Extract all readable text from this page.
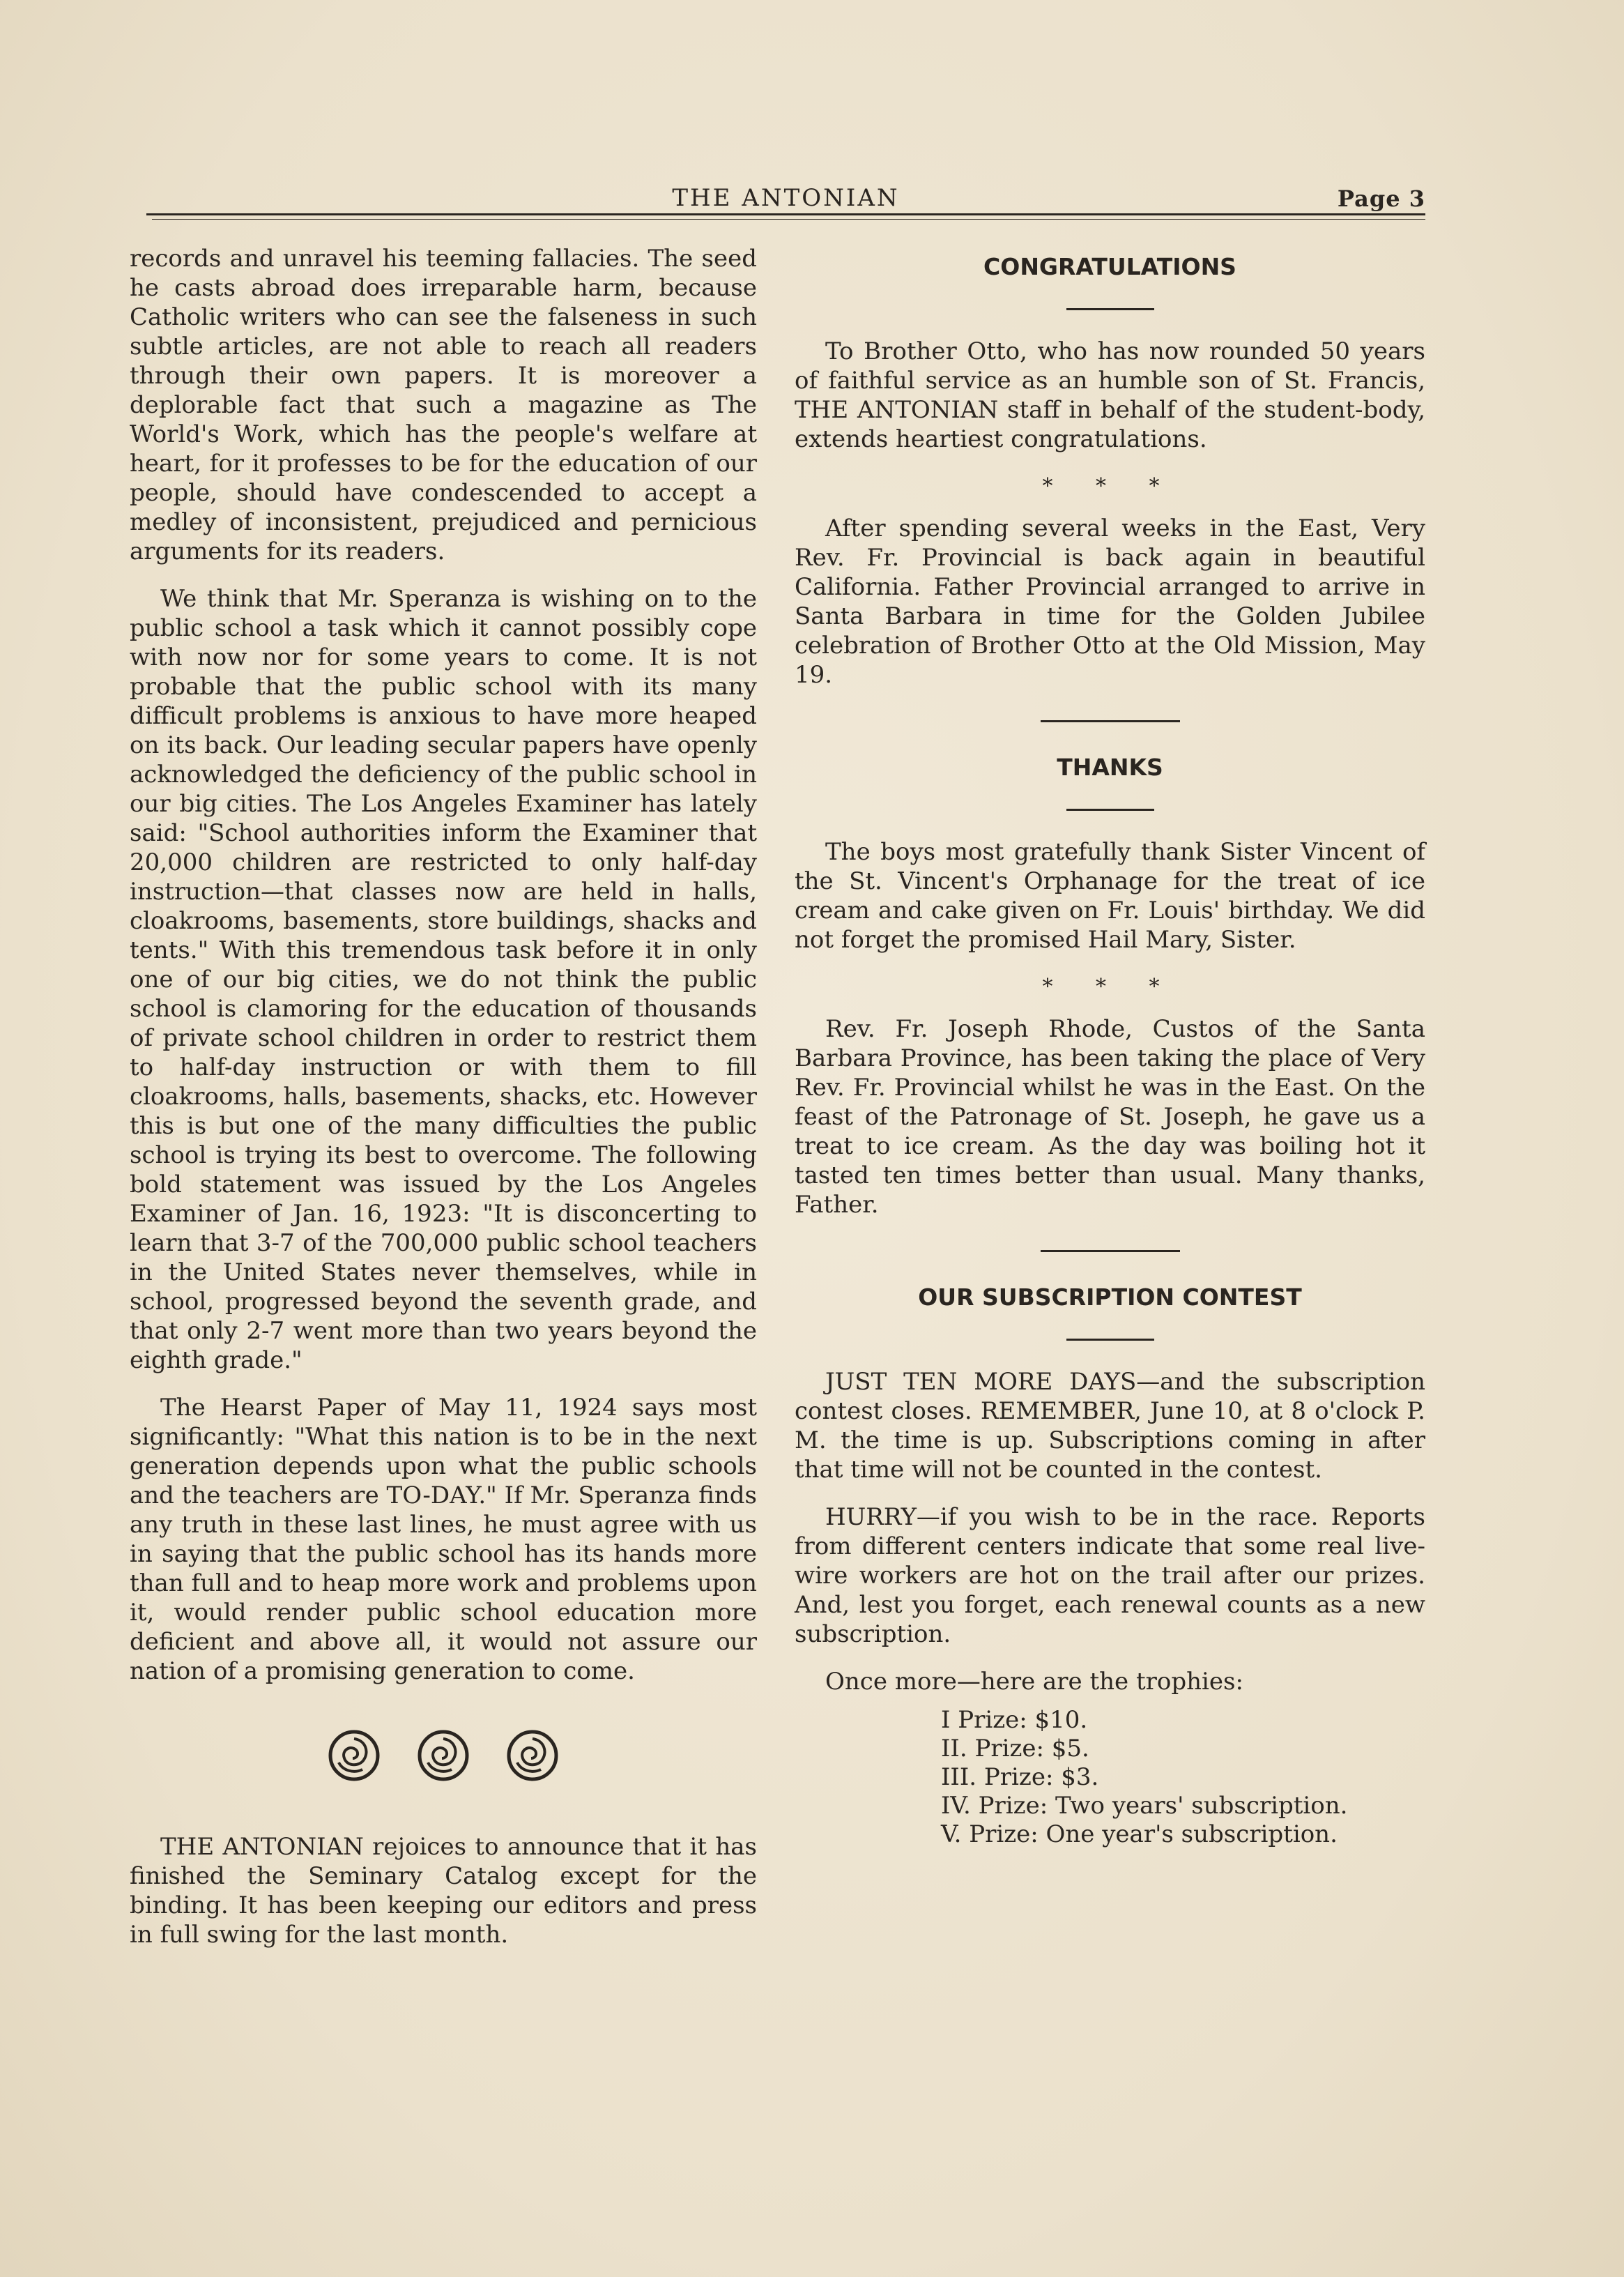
THE ANTONIAN	Page 3

records and unravel his teeming fallacies. The seed he casts abroad does irreparable harm, because Catholic writers who can see the falseness in such subtle articles, are not able to reach all readers through their own papers. It is moreover a deplorable fact that such a magazine as The World's Work, which has the people's welfare at heart, for it professes to be for the education of our people, should have condescended to accept a medley of inconsistent, prejudiced and pernicious arguments for its readers.

We think that Mr. Speranza is wishing on to the public school a task which it cannot possibly cope with now nor for some years to come. It is not probable that the public school with its many difficult problems is anxious to have more heaped on its back. Our leading secular papers have openly acknowledged the deficiency of the public school in our big cities. The Los Angeles Examiner has lately said: "School authorities inform the Examiner that 20,000 children are restricted to only half-day instruction—that classes now are held in halls, cloakrooms, basements, store buildings, shacks and tents." With this tremendous task before it in only one of our big cities, we do not think the public school is clamoring for the education of thousands of private school children in order to restrict them to half-day instruction or with them to fill cloakrooms, halls, basements, shacks, etc. However this is but one of the many difficulties the public school is trying its best to overcome. The following bold statement was issued by the Los Angeles Examiner of Jan. 16, 1923: "It is disconcerting to learn that 3-7 of the 700,000 public school teachers in the United States never themselves, while in school, progressed beyond the seventh grade, and that only 2-7 went more than two years beyond the eighth grade."

The Hearst Paper of May 11, 1924 says most significantly: "What this nation is to be in the next generation depends upon what the public schools and the teachers are TO-DAY." If Mr. Speranza finds any truth in these last lines, he must agree with us in saying that the public school has its hands more than full and to heap more work and problems upon it, would render public school education more deficient and above all, it would not assure our nation of a promising generation to come.

THE ANTONIAN rejoices to announce that it has finished the Seminary Catalog except for the binding. It has been keeping our editors and press in full swing for the last month.

CONGRATULATIONS

To Brother Otto, who has now rounded 50 years of faithful service as an humble son of St. Francis, THE ANTONIAN staff in behalf of the student-body, extends heartiest congratulations.

* * *

After spending several weeks in the East, Very Rev. Fr. Provincial is back again in beautiful California. Father Provincial arranged to arrive in Santa Barbara in time for the Golden Jubilee celebration of Brother Otto at the Old Mission, May 19.

THANKS

The boys most gratefully thank Sister Vincent of the St. Vincent's Orphanage for the treat of ice cream and cake given on Fr. Louis' birthday. We did not forget the promised Hail Mary, Sister.

* * *

Rev. Fr. Joseph Rhode, Custos of the Santa Barbara Province, has been taking the place of Very Rev. Fr. Provincial whilst he was in the East. On the feast of the Patronage of St. Joseph, he gave us a treat to ice cream. As the day was boiling hot it tasted ten times better than usual. Many thanks, Father.

OUR SUBSCRIPTION CONTEST

JUST TEN MORE DAYS—and the subscription contest closes. REMEMBER, June 10, at 8 o'clock P. M. the time is up. Subscriptions coming in after that time will not be counted in the contest.

HURRY—if you wish to be in the race. Reports from different centers indicate that some real live-wire workers are hot on the trail after our prizes. And, lest you forget, each renewal counts as a new subscription.

Once more—here are the trophies:

I Prize: $10.
II. Prize: $5.
III. Prize: $3.
IV. Prize: Two years' subscription.
V. Prize: One year's subscription.
